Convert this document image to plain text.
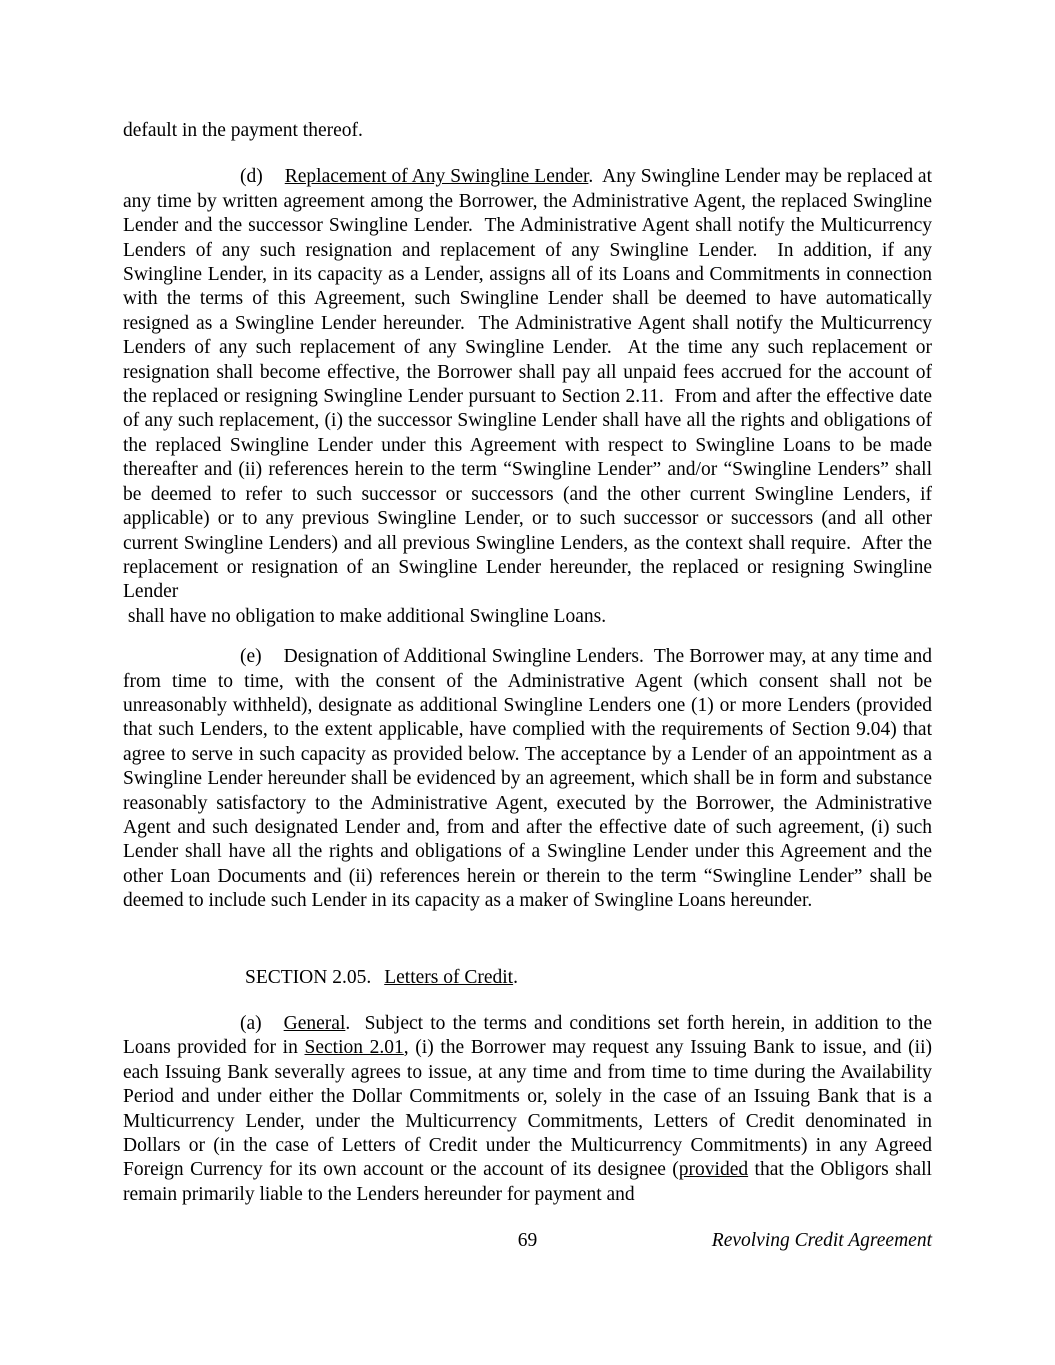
default in the payment thereof.

(d) Replacement of Any Swingline Lender.  Any Swingline Lender may be replaced at any time by written agreement among the Borrower, the Administrative Agent, the replaced Swingline Lender and the successor Swingline Lender.  The Administrative Agent shall notify the Multicurrency Lenders of any such resignation and replacement of any Swingline Lender.  In addition, if any Swingline Lender, in its capacity as a Lender, assigns all of its Loans and Commitments in connection with the terms of this Agreement, such Swingline Lender shall be deemed to have automatically resigned as a Swingline Lender hereunder.  The Administrative Agent shall notify the Multicurrency Lenders of any such replacement of any Swingline Lender.  At the time any such replacement or resignation shall become effective, the Borrower shall pay all unpaid fees accrued for the account of the replaced or resigning Swingline Lender pursuant to Section 2.11.  From and after the effective date of any such replacement, (i) the successor Swingline Lender shall have all the rights and obligations of the replaced Swingline Lender under this Agreement with respect to Swingline Loans to be made thereafter and (ii) references herein to the term “Swingline Lender” and/or “Swingline Lenders” shall be deemed to refer to such successor or successors (and the other current Swingline Lenders, if applicable) or to any previous Swingline Lender, or to such successor or successors (and all other current Swingline Lenders) and all previous Swingline Lenders, as the context shall require.  After the replacement or resignation of an Swingline Lender hereunder, the replaced or resigning Swingline Lender
shall have no obligation to make additional Swingline Loans.

(e) Designation of Additional Swingline Lenders.  The Borrower may, at any time and from time to time, with the consent of the Administrative Agent (which consent shall not be unreasonably withheld), designate as additional Swingline Lenders one (1) or more Lenders (provided that such Lenders, to the extent applicable, have complied with the requirements of Section 9.04) that agree to serve in such capacity as provided below. The acceptance by a Lender of an appointment as a Swingline Lender hereunder shall be evidenced by an agreement, which shall be in form and substance reasonably satisfactory to the Administrative Agent, executed by the Borrower, the Administrative Agent and such designated Lender and, from and after the effective date of such agreement, (i) such Lender shall have all the rights and obligations of a Swingline Lender under this Agreement and the other Loan Documents and (ii) references herein or therein to the term “Swingline Lender” shall be deemed to include such Lender in its capacity as a maker of Swingline Loans hereunder.

SECTION 2.05. Letters of Credit.

(a) General.  Subject to the terms and conditions set forth herein, in addition to the Loans provided for in Section 2.01, (i) the Borrower may request any Issuing Bank to issue, and (ii) each Issuing Bank severally agrees to issue, at any time and from time to time during the Availability Period and under either the Dollar Commitments or, solely in the case of an Issuing Bank that is a Multicurrency Lender, under the Multicurrency Commitments, Letters of Credit denominated in Dollars or (in the case of Letters of Credit under the Multicurrency Commitments) in any Agreed Foreign Currency for its own account or the account of its designee (provided that the Obligors shall remain primarily liable to the Lenders hereunder for payment and

69	Revolving Credit Agreement
